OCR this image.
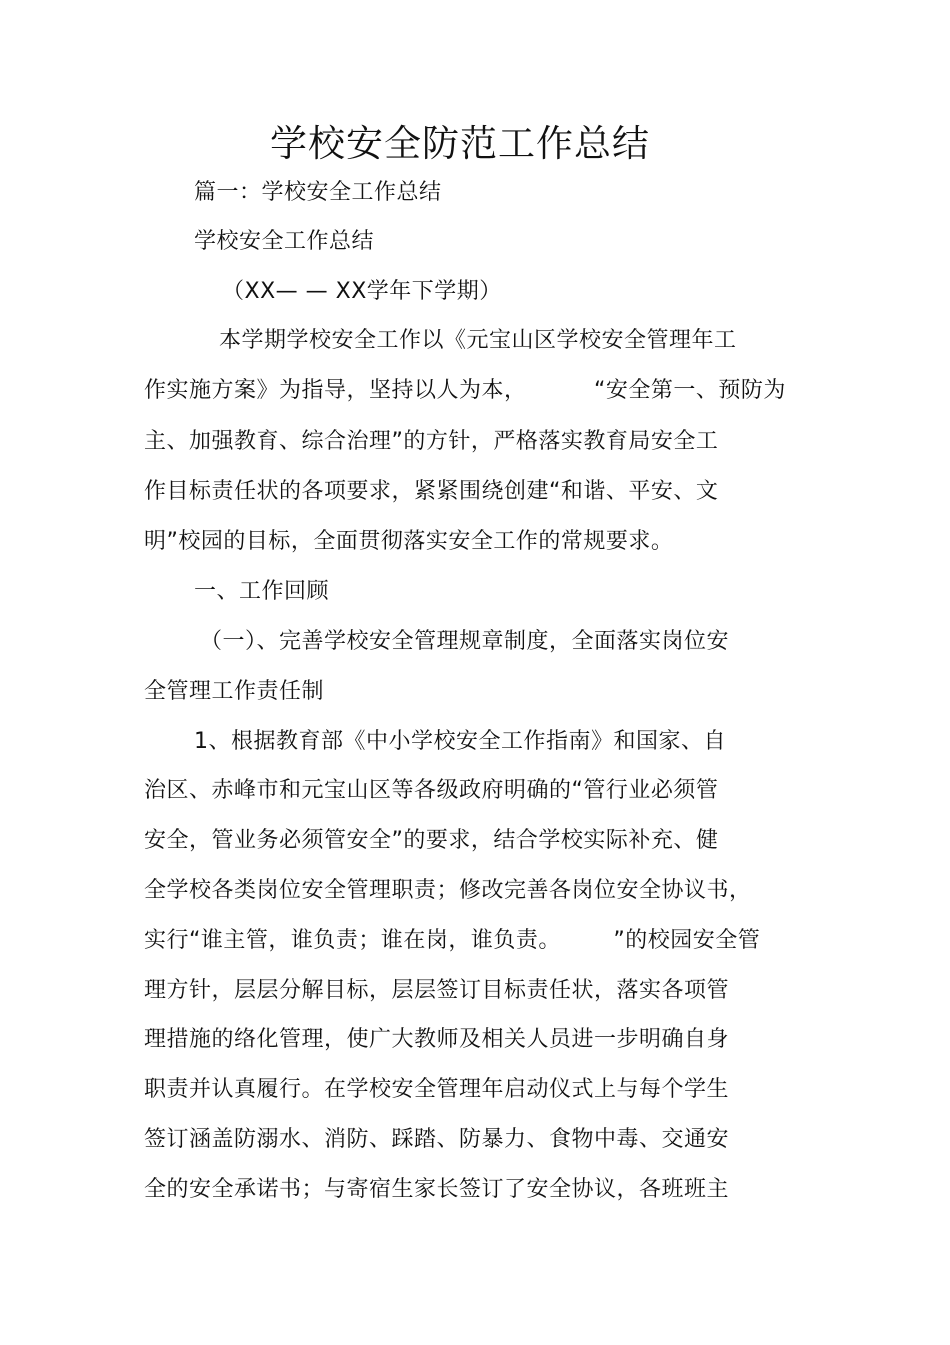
学校安全防范工作总结
篇一：学校安全工作总结
学校安全工作总结
（XX— — XX学年下学期）
本学期学校安全工作以《元宝山区学校安全管理年工
作实施方案》为指导，坚持以人为本，         “安全第一、预防为
主、加强教育、综合治理”的方针，严格落实教育局安全工
作目标责任状的各项要求，紧紧围绕创建“和谐、平安、文
明”校园的目标，全面贯彻落实安全工作的常规要求。
一、工作回顾
（一）、完善学校安全管理规章制度，全面落实岗位安
全管理工作责任制
1、根据教育部《中小学校安全工作指南》和国家、自
治区、赤峰市和元宝山区等各级政府明确的“管行业必须管
安全，管业务必须管安全”的要求，结合学校实际补充、健
全学校各类岗位安全管理职责；修改完善各岗位安全协议书，
实行“谁主管，谁负责；谁在岗，谁负责。       ”的校园安全管
理方针，层层分解目标，层层签订目标责任状，落实各项管
理措施的络化管理，使广大教师及相关人员进一步明确自身
职责并认真履行。在学校安全管理年启动仪式上与每个学生
签订涵盖防溺水、消防、踩踏、防暴力、食物中毒、交通安
全的安全承诺书；与寄宿生家长签订了安全协议，各班班主
